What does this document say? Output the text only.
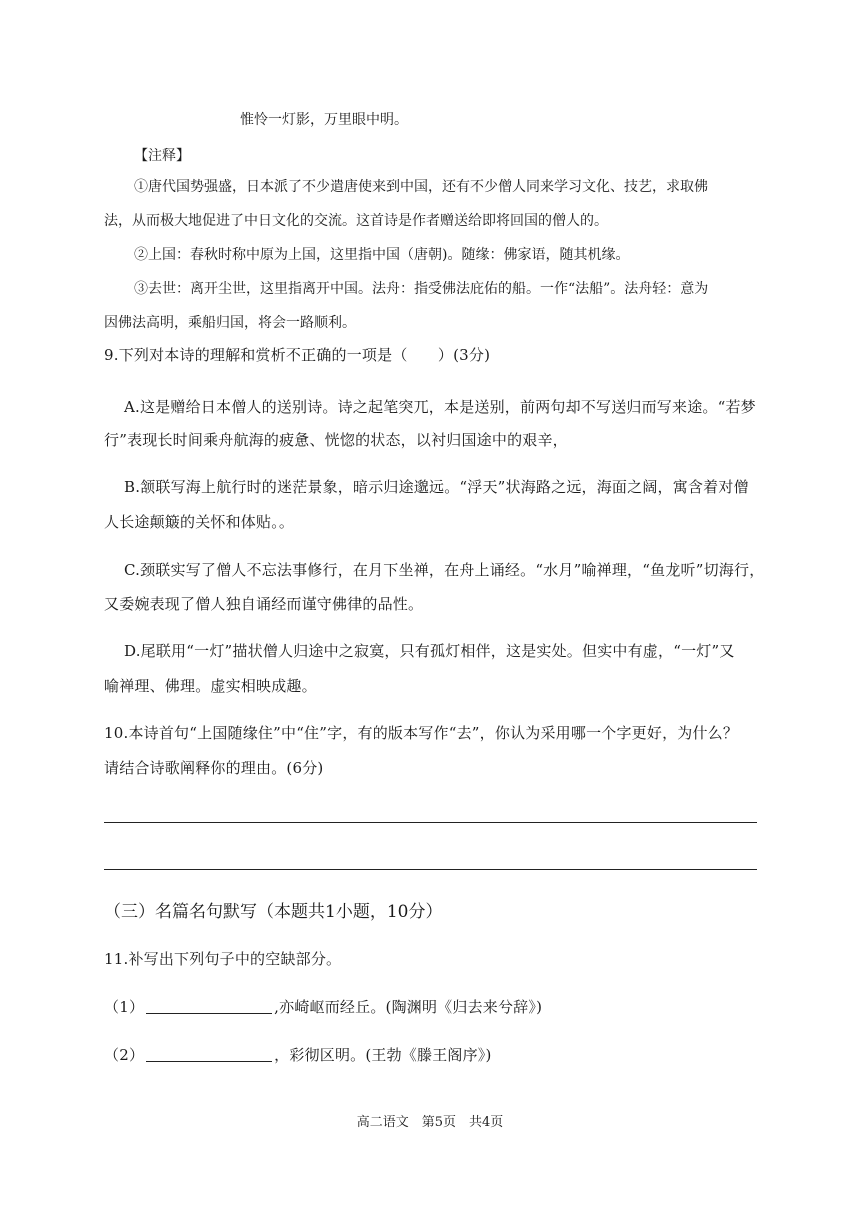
惟怜一灯影，万里眼中明。
【注释】
①唐代国势强盛，日本派了不少遣唐使来到中国，还有不少僧人同来学习文化、技艺，求取佛
法，从而极大地促进了中日文化的交流。这首诗是作者赠送给即将回国的僧人的。
②上国：春秋时称中原为上国，这里指中国（唐朝)。随缘：佛家语，随其机缘。
③去世：离开尘世，这里指离开中国。法舟：指受佛法庇佑的船。一作“法船”。法舟轻：意为
因佛法高明，乘船归国，将会一路顺利。
9.下列对本诗的理解和赏析不正确的一项是（　　）(3分)
A.这是赠给日本僧人的送别诗。诗之起笔突兀，本是送别，前两句却不写送归而写来途。“若梦
行”表现长时间乘舟航海的疲惫、恍惚的状态，以衬归国途中的艰辛，
B.颔联写海上航行时的迷茫景象，暗示归途邈远。“浮天”状海路之远，海面之阔，寓含着对僧
人长途颠簸的关怀和体贴。。
C.颈联实写了僧人不忘法事修行，在月下坐禅，在舟上诵经。“水月”喻禅理，“鱼龙听”切海行，
又委婉表现了僧人独自诵经而谨守佛律的品性。
D.尾联用“一灯”描状僧人归途中之寂寞，只有孤灯相伴，这是实处。但实中有虚，“一灯”又
喻禅理、佛理。虚实相映成趣。
10.本诗首句“上国随缘住”中“住”字，有的版本写作“去”，你认为采用哪一个字更好，为什么？
请结合诗歌阐释你的理由。(6分)
（三）名篇名句默写（本题共1小题，10分）
11.补写出下列句子中的空缺部分。
（1）	,亦崎岖而经丘。(陶渊明《归去来兮辞》)
（2）	，彩彻区明。(王勃《滕王阁序》)
高二语文　第5页　共4页
